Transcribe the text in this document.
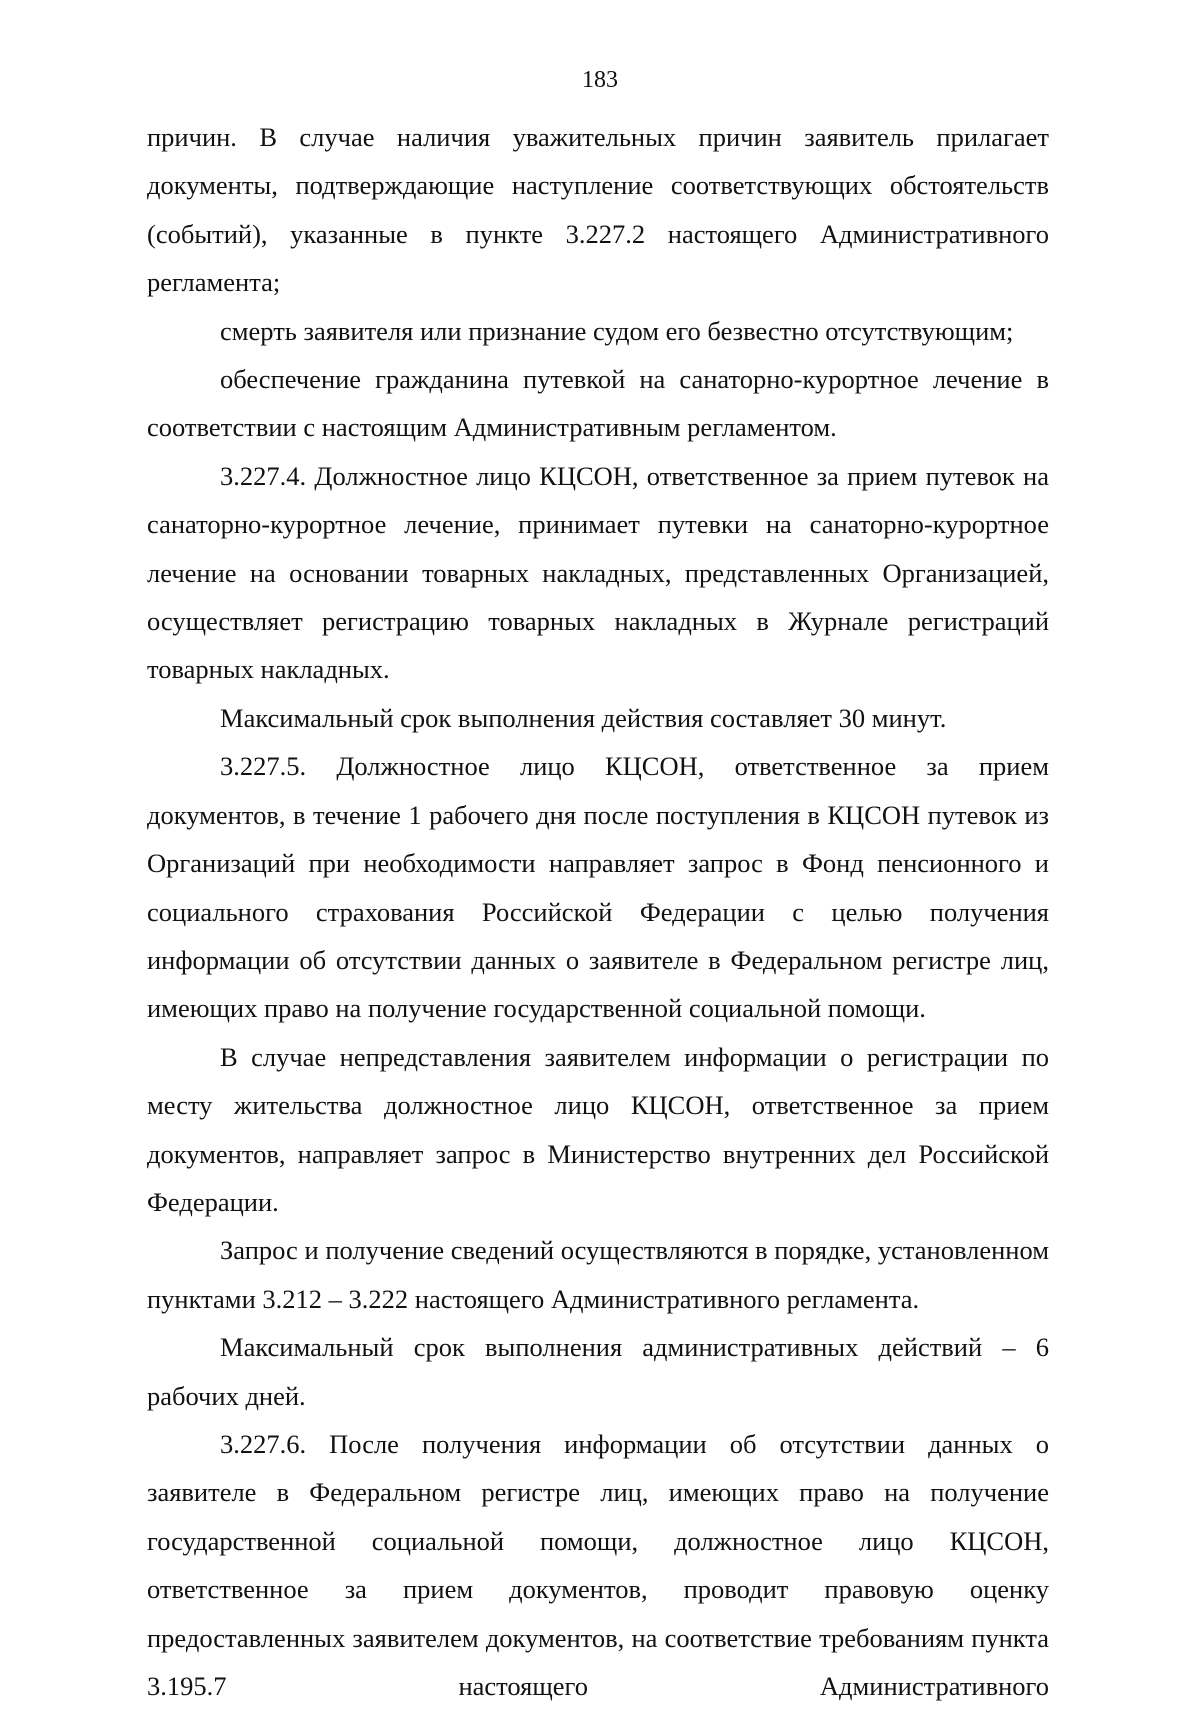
183

причин. В случае наличия уважительных причин заявитель прилагает документы, подтверждающие наступление соответствующих обстоятельств (событий), указанные в пункте 3.227.2 настоящего Административного регламента;

смерть заявителя или признание судом его безвестно отсутствующим;

обеспечение гражданина путевкой на санаторно-курортное лечение в соответствии с настоящим Административным регламентом.

3.227.4. Должностное лицо КЦСОН, ответственное за прием путевок на санаторно-курортное лечение, принимает путевки на санаторно-курортное лечение на основании товарных накладных, представленных Организацией, осуществляет регистрацию товарных накладных в Журнале регистраций товарных накладных.

Максимальный срок выполнения действия составляет 30 минут.

3.227.5. Должностное лицо КЦСОН, ответственное за прием документов, в течение 1 рабочего дня после поступления в КЦСОН путевок из Организаций при необходимости направляет запрос в Фонд пенсионного и социального страхования Российской Федерации с целью получения информации об отсутствии данных о заявителе в Федеральном регистре лиц, имеющих право на получение государственной социальной помощи.

В случае непредставления заявителем информации о регистрации по месту жительства должностное лицо КЦСОН, ответственное за прием документов, направляет запрос в Министерство внутренних дел Российской Федерации.

Запрос и получение сведений осуществляются в порядке, установленном пунктами 3.212 – 3.222 настоящего Административного регламента.

Максимальный срок выполнения административных действий – 6 рабочих дней.

3.227.6. После получения информации об отсутствии данных о заявителе в Федеральном регистре лиц, имеющих право на получение государственной социальной помощи, должностное лицо КЦСОН, ответственное за прием документов, проводит правовую оценку предоставленных заявителем документов, на соответствие требованиям пункта 3.195.7 настоящего Административного
